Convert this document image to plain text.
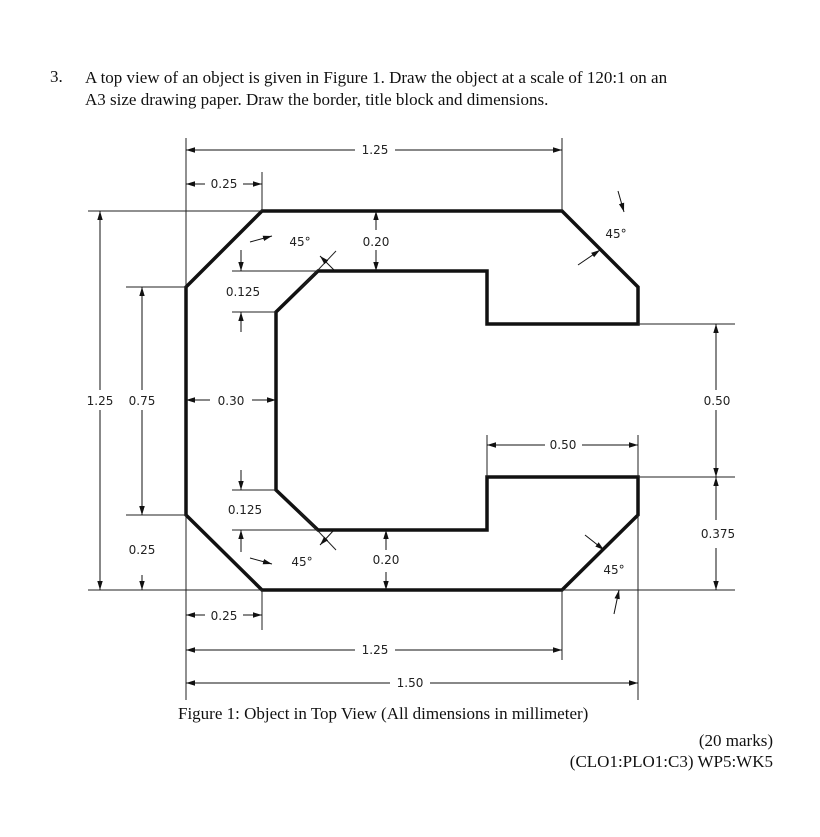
3. A top view of an object is given in Figure 1. Draw the object at a scale of 120:1 on an
A3 size drawing paper. Draw the border, title block and dimensions.
1.25
0.25
45°
45°
0.20
0.125
1.25 0.75	0.30	0.50
0.50
0.125
0.25
45°	0.20
0.375
45°
0.25
1.25
1.50
Figure 1: Object in Top View (All dimensions in millimeter)
(20 marks)
(CLO1:PLO1:C3) WP5:WK5
